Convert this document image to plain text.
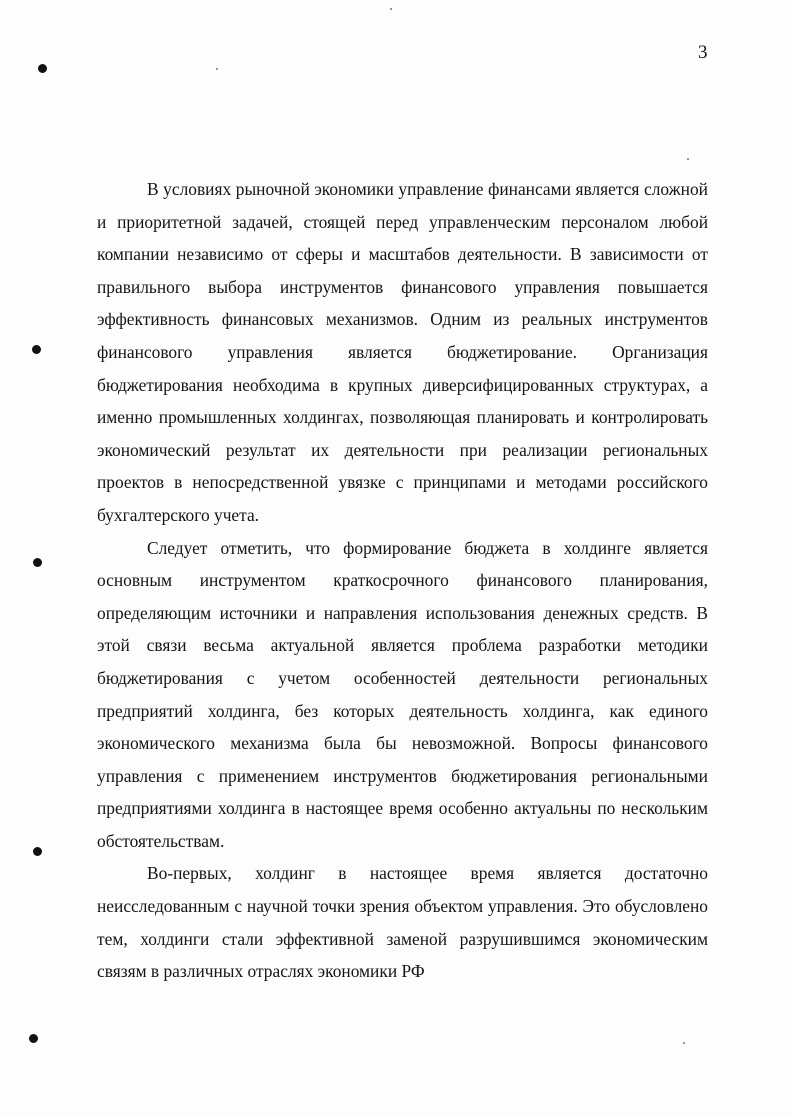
3

В условиях рыночной экономики управление финансами является сложной и приоритетной задачей, стоящей перед управленческим персоналом любой компании независимо от сферы и масштабов деятельности. В зависимости от правильного выбора инструментов финансового управления повышается эффективность финансовых механизмов. Одним из реальных инструментов финансового управления является бюджетирование. Организация бюджетирования необходима в крупных диверсифицированных структурах, а именно промышленных холдингах, позволяющая планировать и контролировать экономический результат их деятельности при реализации региональных проектов в непосредственной увязке с принципами и методами российского бухгалтерского учета.

Следует отметить, что формирование бюджета в холдинге является основным инструментом краткосрочного финансового планирования, определяющим источники и направления использования денежных средств. В этой связи весьма актуальной является проблема разработки методики бюджетирования с учетом особенностей деятельности региональных предприятий холдинга, без которых деятельность холдинга, как единого экономического механизма была бы невозможной. Вопросы финансового управления с применением инструментов бюджетирования региональными предприятиями холдинга в настоящее время особенно актуальны по нескольким обстоятельствам.

Во-первых, холдинг в настоящее время является достаточно неисследованным с научной точки зрения объектом управления. Это обусловлено тем, холдинги стали эффективной заменой разрушившимся экономическим связям в различных отраслях экономики РФ
